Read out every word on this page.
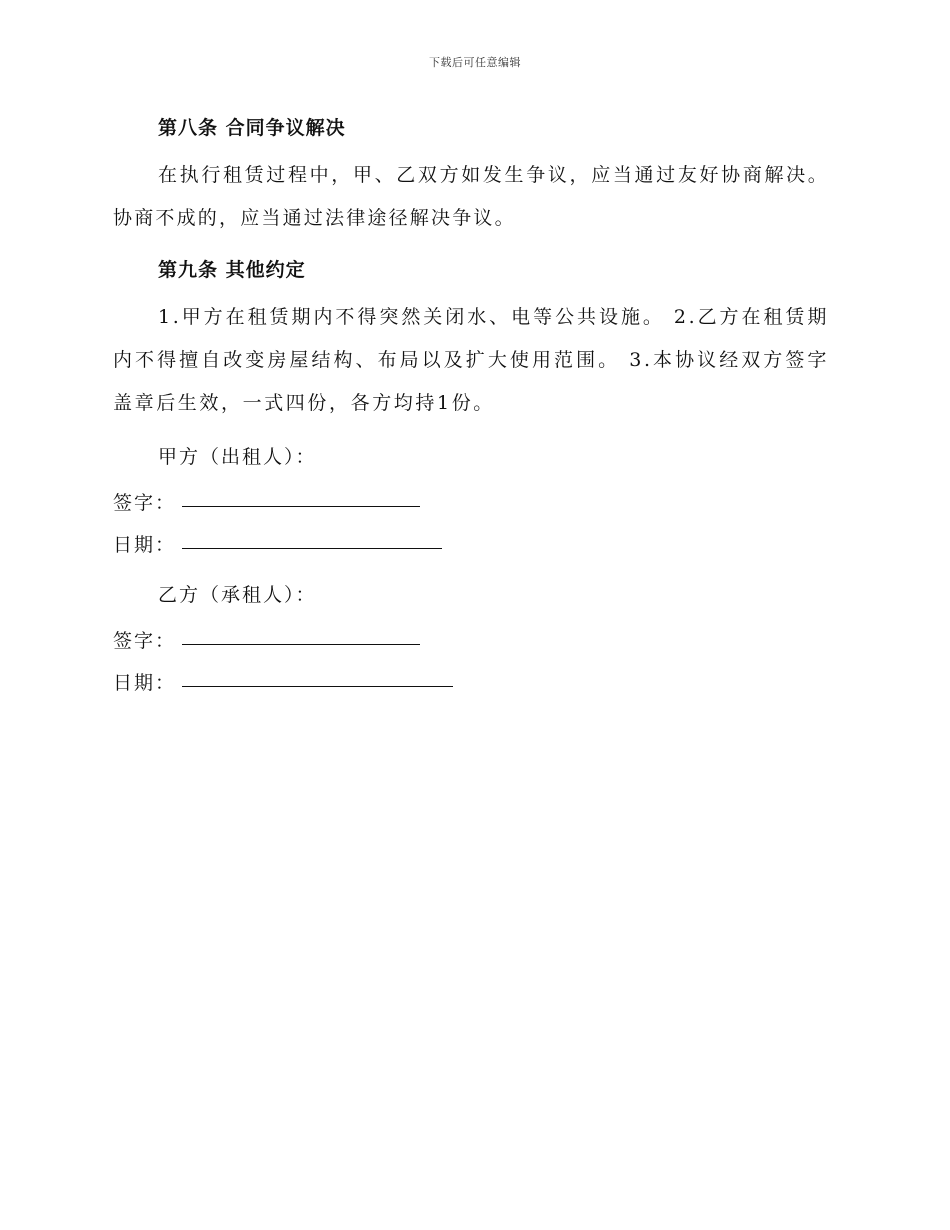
下载后可任意编辑
第八条 合同争议解决

在执行租赁过程中，甲、乙双方如发生争议，应当通过友好协商解决。协商不成的，应当通过法律途径解决争议。

第九条 其他约定

1.甲方在租赁期内不得突然关闭水、电等公共设施。 2.乙方在租赁期内不得擅自改变房屋结构、布局以及扩大使用范围。 3.本协议经双方签字盖章后生效，一式四份，各方均持1份。

甲方（出租人）：

签字：
日期：

乙方（承租人）：

签字：
日期：
